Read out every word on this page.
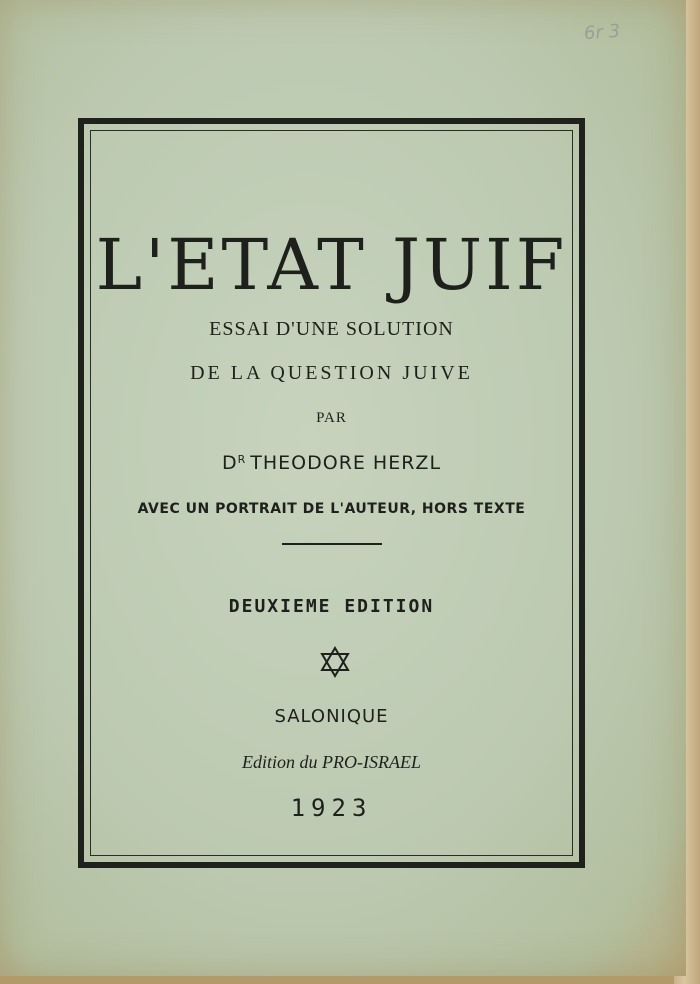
6r 3
L'ETAT JUIF
ESSAI D'UNE SOLUTION
DE LA QUESTION JUIVE
PAR
$D^R$ THEODORE HERZL
AVEC UN PORTRAIT DE L'AUTEUR, HORS TEXTE
DEUXIEME EDITION
SALONIQUE
Edition du PRO-ISRAEL
1923
